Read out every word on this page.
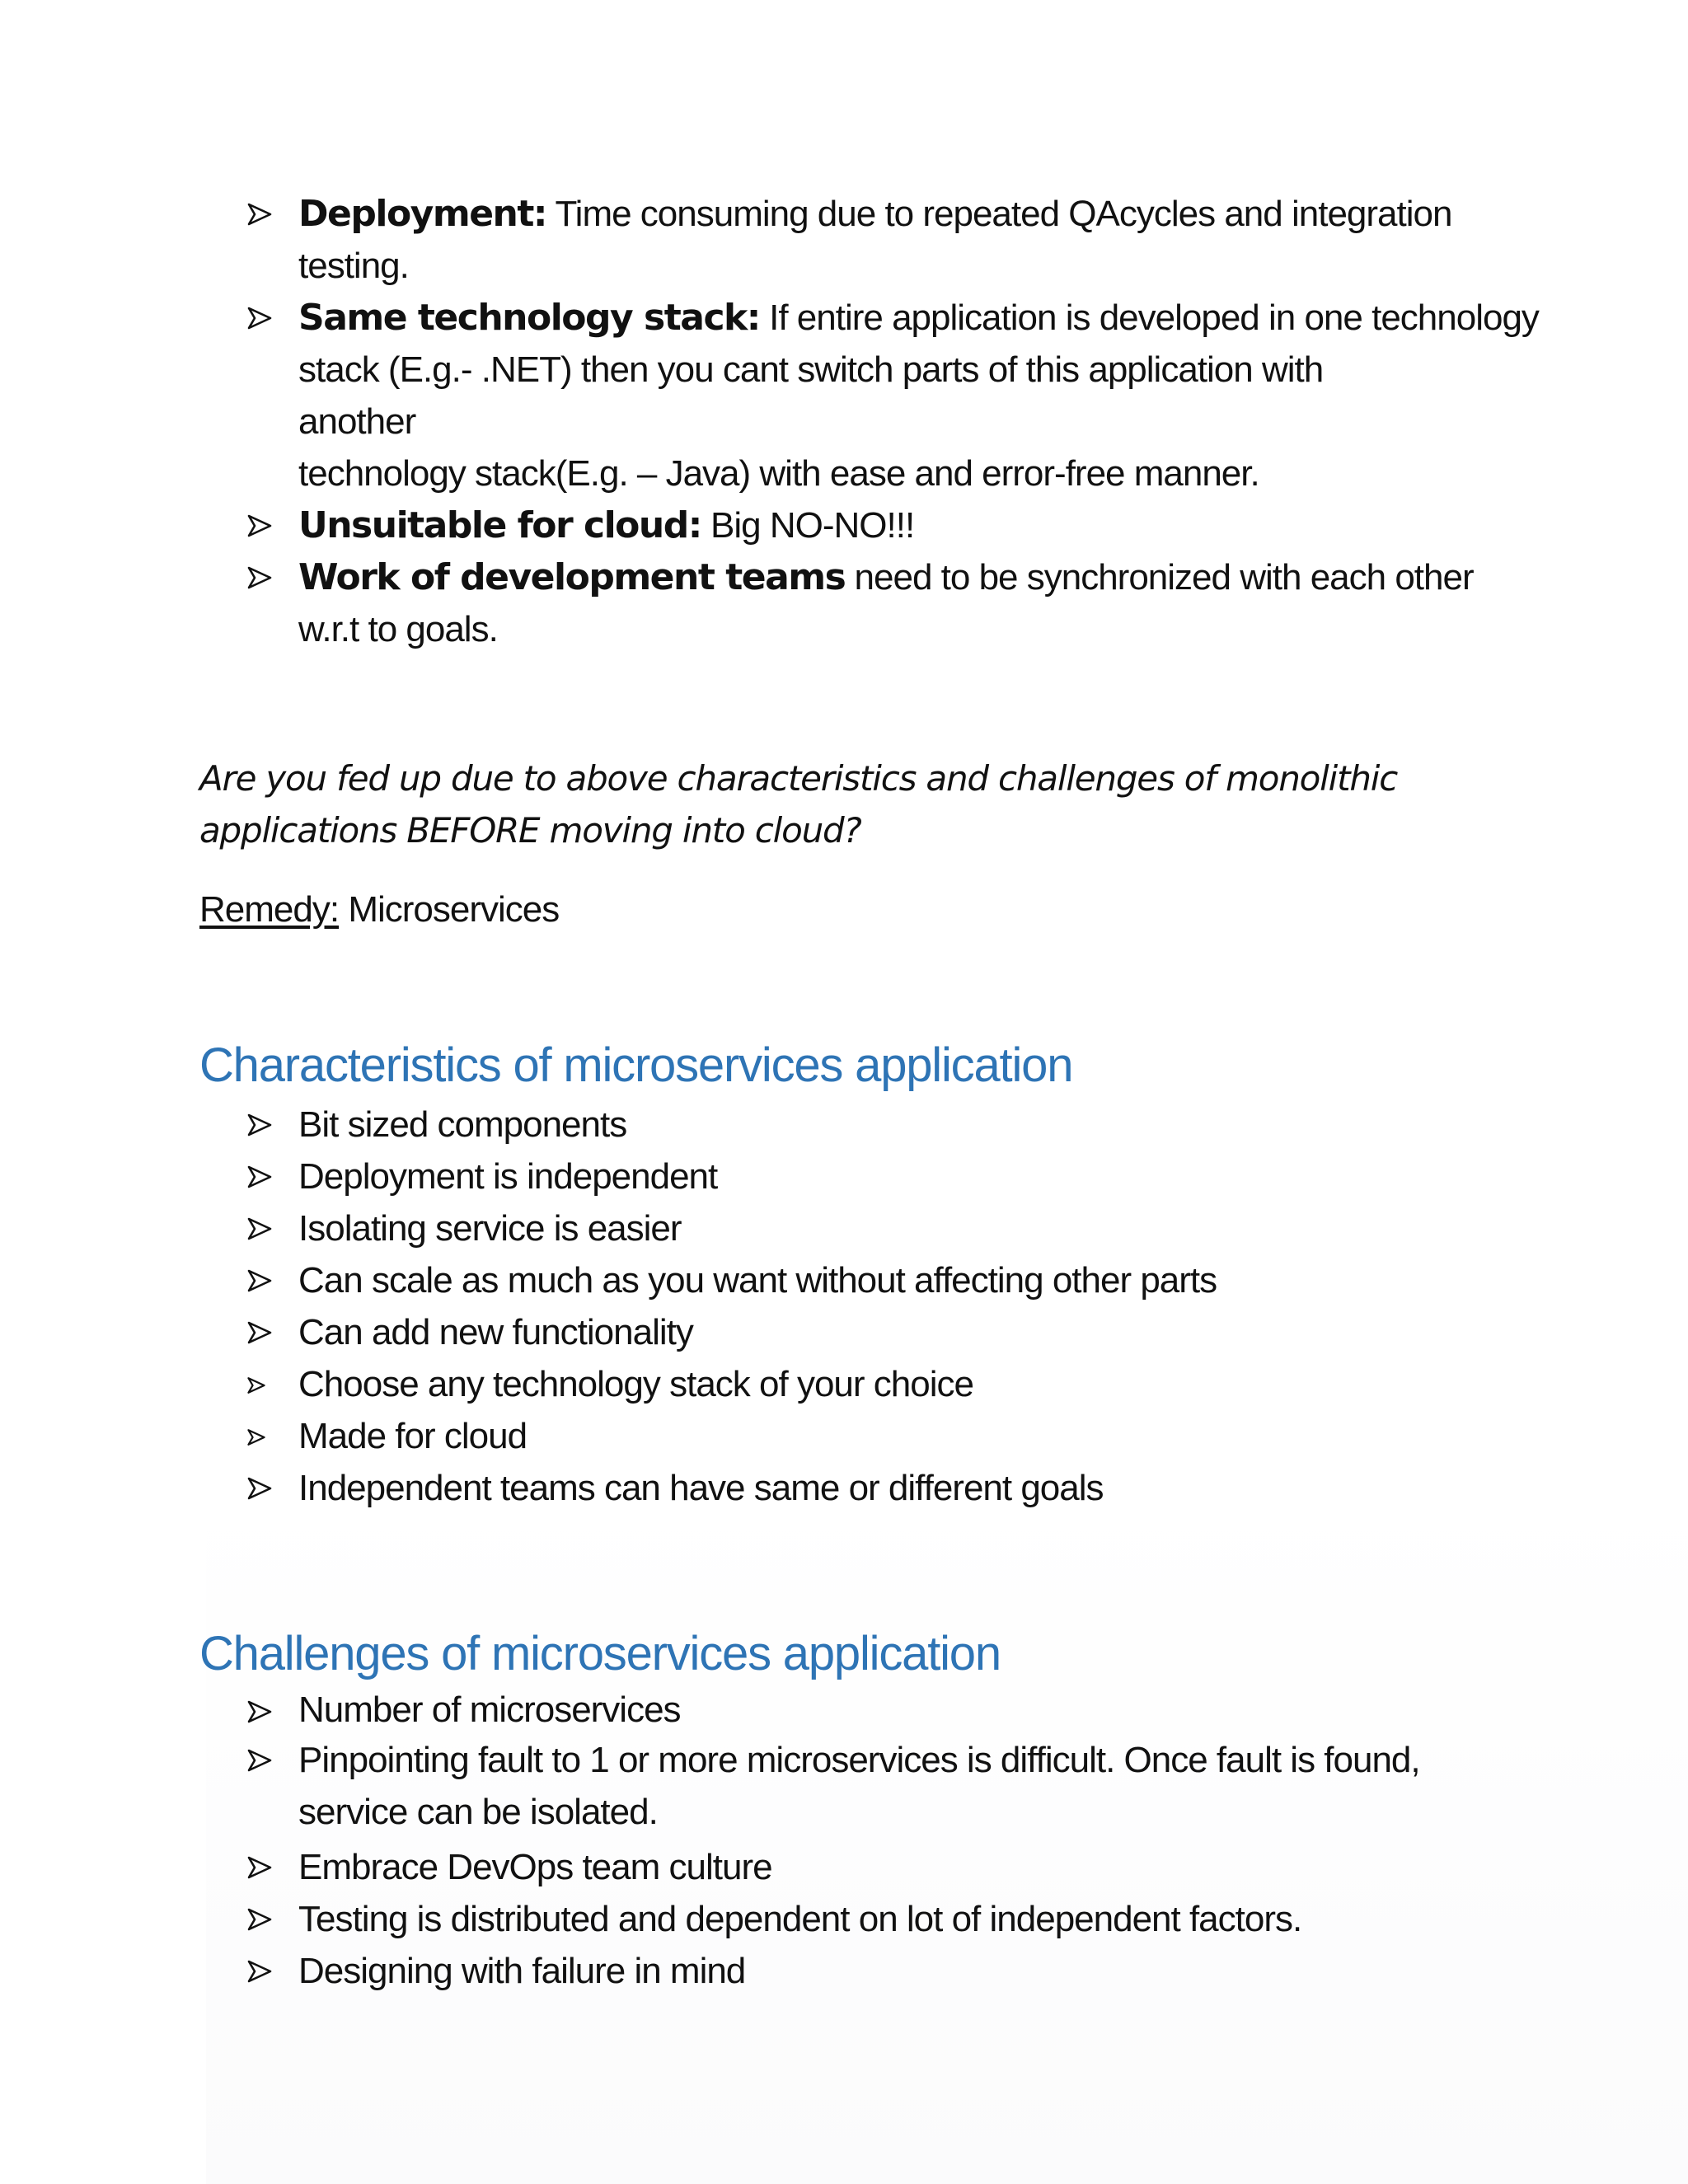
Deployment: Time consuming due to repeated QAcycles and integration
testing.
Same technology stack: If entire application is developed in one technology
stack (E.g.- .NET) then you cant switch parts of this application with
another
technology stack(E.g. – Java) with ease and error-free manner.
Unsuitable for cloud: Big NO-NO!!!
Work of development teams need to be synchronized with each other
w.r.t to goals.
Are you fed up due to above characteristics and challenges of monolithic
applications BEFORE moving into cloud?
Remedy: Microservices
Characteristics of microservices application
Bit sized components
Deployment is independent
Isolating service is easier
Can scale as much as you want without affecting other parts
Can add new functionality
Choose any technology stack of your choice
Made for cloud
Independent teams can have same or different goals
Challenges of microservices application
Number of microservices
Pinpointing fault to 1 or more microservices is difficult. Once fault is found,
service can be isolated.
Embrace DevOps team culture
Testing is distributed and dependent on lot of independent factors.
Designing with failure in mind
